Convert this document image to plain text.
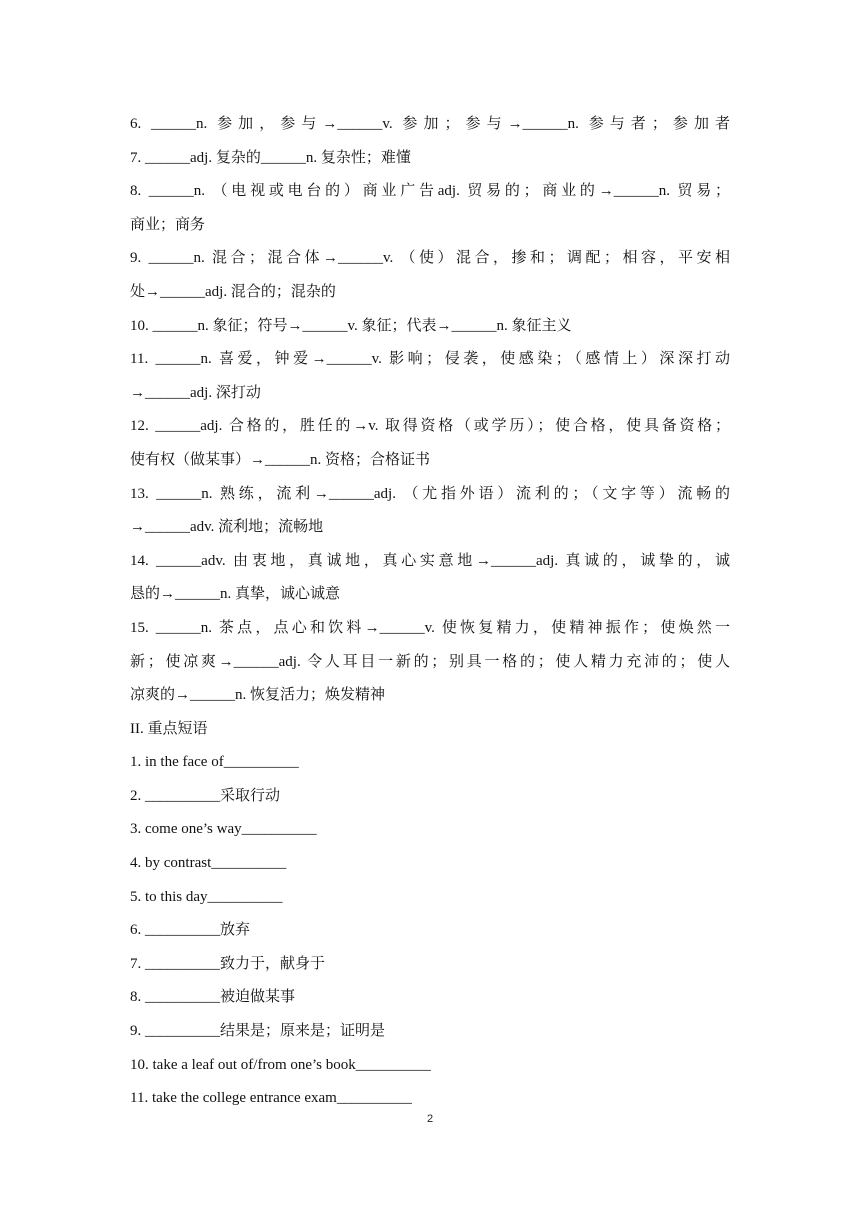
6. ______n. 参加，参与→______v. 参加；参与→______n. 参与者；参加者
7. ______adj. 复杂的______n. 复杂性；难懂
8. ______n. （电视或电台的）商业广告adj. 贸易的；商业的→______n. 贸易；
商业；商务
9. ______n. 混合；混合体→______v. （使）混合，掺和；调配；相容，平安相
处→______adj. 混合的；混杂的
10. ______n. 象征；符号→______v. 象征；代表→______n. 象征主义
11. ______n. 喜爱，钟爱→______v. 影响；侵袭，使感染；（感情上）深深打动
→______adj. 深打动
12. ______adj. 合格的，胜任的→v. 取得资格（或学历）；使合格，使具备资格；
使有权（做某事）→______n. 资格；合格证书
13. ______n. 熟练，流利→______adj. （尤指外语）流利的；（文字等）流畅的
→______adv. 流利地；流畅地
14. ______adv. 由衷地，真诚地，真心实意地→______adj. 真诚的，诚挚的，诚
恳的→______n. 真挚，诚心诚意
15. ______n. 茶点，点心和饮料→______v. 使恢复精力，使精神振作；使焕然一
新；使凉爽→______adj. 令人耳目一新的；别具一格的；使人精力充沛的；使人
凉爽的→______n. 恢复活力；焕发精神
II. 重点短语
1. in the face of__________
2. __________采取行动
3. come one’s way__________
4. by contrast__________
5. to this day__________
6. __________放弃
7. __________致力于，献身于
8. __________被迫做某事
9. __________结果是；原来是；证明是
10. take a leaf out of/from one’s book__________
11. take the college entrance exam__________
2
